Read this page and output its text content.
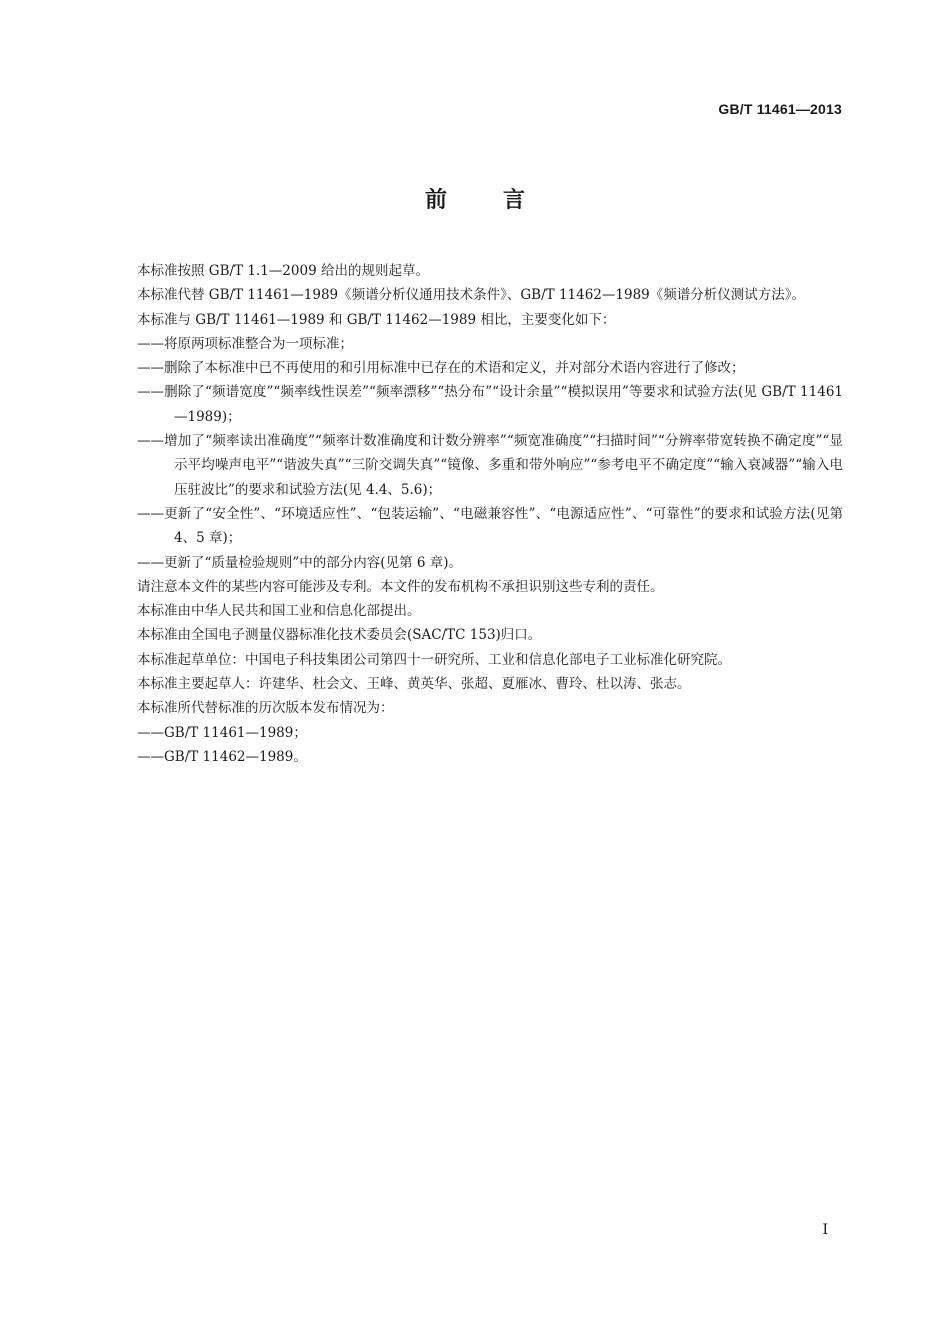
GB/T 11461—2013
前言

本标准按照 GB/T 1.1—2009 给出的规则起草。

本标准代替 GB/T 11461—1989《频谱分析仪通用技术条件》、GB/T 11462—1989《频谱分析仪测试方法》。

本标准与 GB/T 11461—1989 和 GB/T 11462—1989 相比，主要变化如下：

——将原两项标准整合为一项标准；

——删除了本标准中已不再使用的和引用标准中已存在的术语和定义，并对部分术语内容进行了修改；

——删除了“频谱宽度”“频率线性误差”“频率漂移”“热分布”“设计余量”“模拟误用”等要求和试验方法(见 GB/T 11461—1989)；

——增加了“频率读出准确度”“频率计数准确度和计数分辨率”“频宽准确度”“扫描时间”“分辨率带宽转换不确定度”“显示平均噪声电平”“谐波失真”“三阶交调失真”“镜像、多重和带外响应”“参考电平不确定度”“输入衰减器”“输入电压驻波比”的要求和试验方法(见 4.4、5.6)；

——更新了“安全性”、“环境适应性”、“包装运输”、“电磁兼容性”、“电源适应性”、“可靠性”的要求和试验方法(见第 4、5 章)；

——更新了“质量检验规则”中的部分内容(见第 6 章)。

请注意本文件的某些内容可能涉及专利。本文件的发布机构不承担识别这些专利的责任。

本标准由中华人民共和国工业和信息化部提出。

本标准由全国电子测量仪器标准化技术委员会(SAC/TC 153)归口。

本标准起草单位：中国电子科技集团公司第四十一研究所、工业和信息化部电子工业标准化研究院。

本标准主要起草人：许建华、杜会文、王峰、黄英华、张超、夏雁冰、曹玲、杜以涛、张志。

本标准所代替标准的历次版本发布情况为：

——GB/T 11461—1989；

——GB/T 11462—1989。

I
